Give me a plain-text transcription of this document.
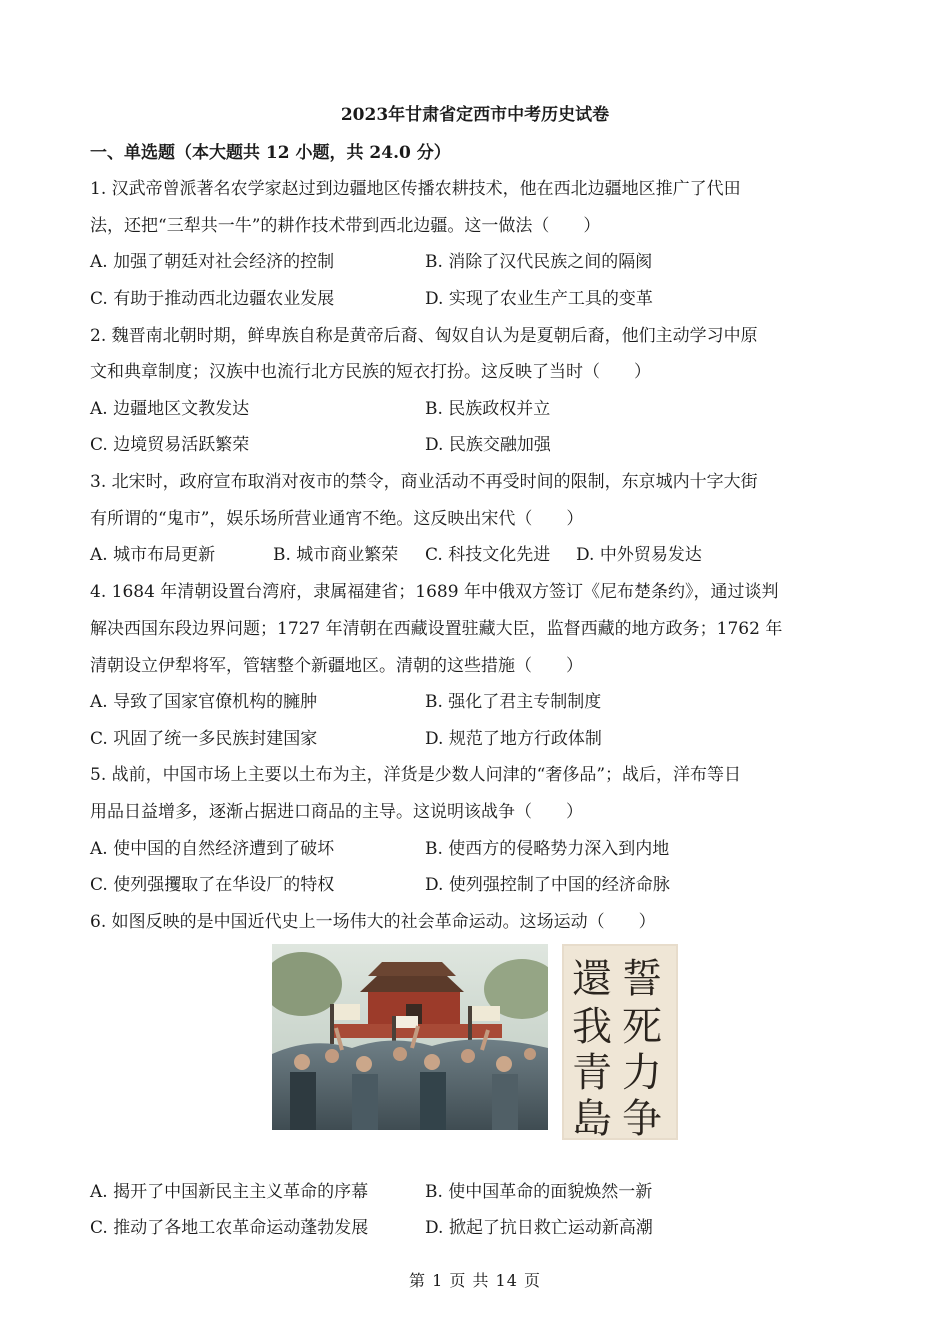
2023年甘肃省定西市中考历史试卷
一、单选题（本大题共 12 小题，共 24.0 分）
1. 汉武帝曾派著名农学家赵过到边疆地区传播农耕技术，他在西北边疆地区推广了代田
法，还把“三犁共一牛”的耕作技术带到西北边疆。这一做法（　　）
A. 加强了朝廷对社会经济的控制	B. 消除了汉代民族之间的隔阂
C. 有助于推动西北边疆农业发展	D. 实现了农业生产工具的变革
2. 魏晋南北朝时期，鲜卑族自称是黄帝后裔、匈奴自认为是夏朝后裔，他们主动学习中原
文和典章制度；汉族中也流行北方民族的短衣打扮。这反映了当时（　　）
A. 边疆地区文教发达	B. 民族政权并立
C. 边境贸易活跃繁荣	D. 民族交融加强
3. 北宋时，政府宣布取消对夜市的禁令，商业活动不再受时间的限制，东京城内十字大街
有所谓的“鬼市”，娱乐场所营业通宵不绝。这反映出宋代（　　）
A. 城市布局更新	B. 城市商业繁荣 C. 科技文化先进 D. 中外贸易发达
4. 1684 年清朝设置台湾府，隶属福建省；1689 年中俄双方签订《尼布楚条约》，通过谈判
解决西国东段边界问题；1727 年清朝在西藏设置驻藏大臣，监督西藏的地方政务；1762 年
清朝设立伊犁将军，管辖整个新疆地区。清朝的这些措施（　　）
A. 导致了国家官僚机构的臃肿	B. 强化了君主专制制度
C. 巩固了统一多民族封建国家	D. 规范了地方行政体制
5. 战前，中国市场上主要以土布为主，洋货是少数人问津的“奢侈品”；战后，洋布等日
用品日益增多，逐渐占据进口商品的主导。这说明该战争（　　）
A. 使中国的自然经济遭到了破坏	B. 使西方的侵略势力深入到内地
C. 使列强攫取了在华设厂的特权	D. 使列强控制了中国的经济命脉
6. 如图反映的是中国近代史上一场伟大的社会革命运动。这场运动（　　）
誓
死
力
争
還
我
青
島
A. 揭开了中国新民主主义革命的序幕	B. 使中国革命的面貌焕然一新
C. 推动了各地工农革命运动蓬勃发展	D. 掀起了抗日救亡运动新高潮
第 1 页 共 14 页
